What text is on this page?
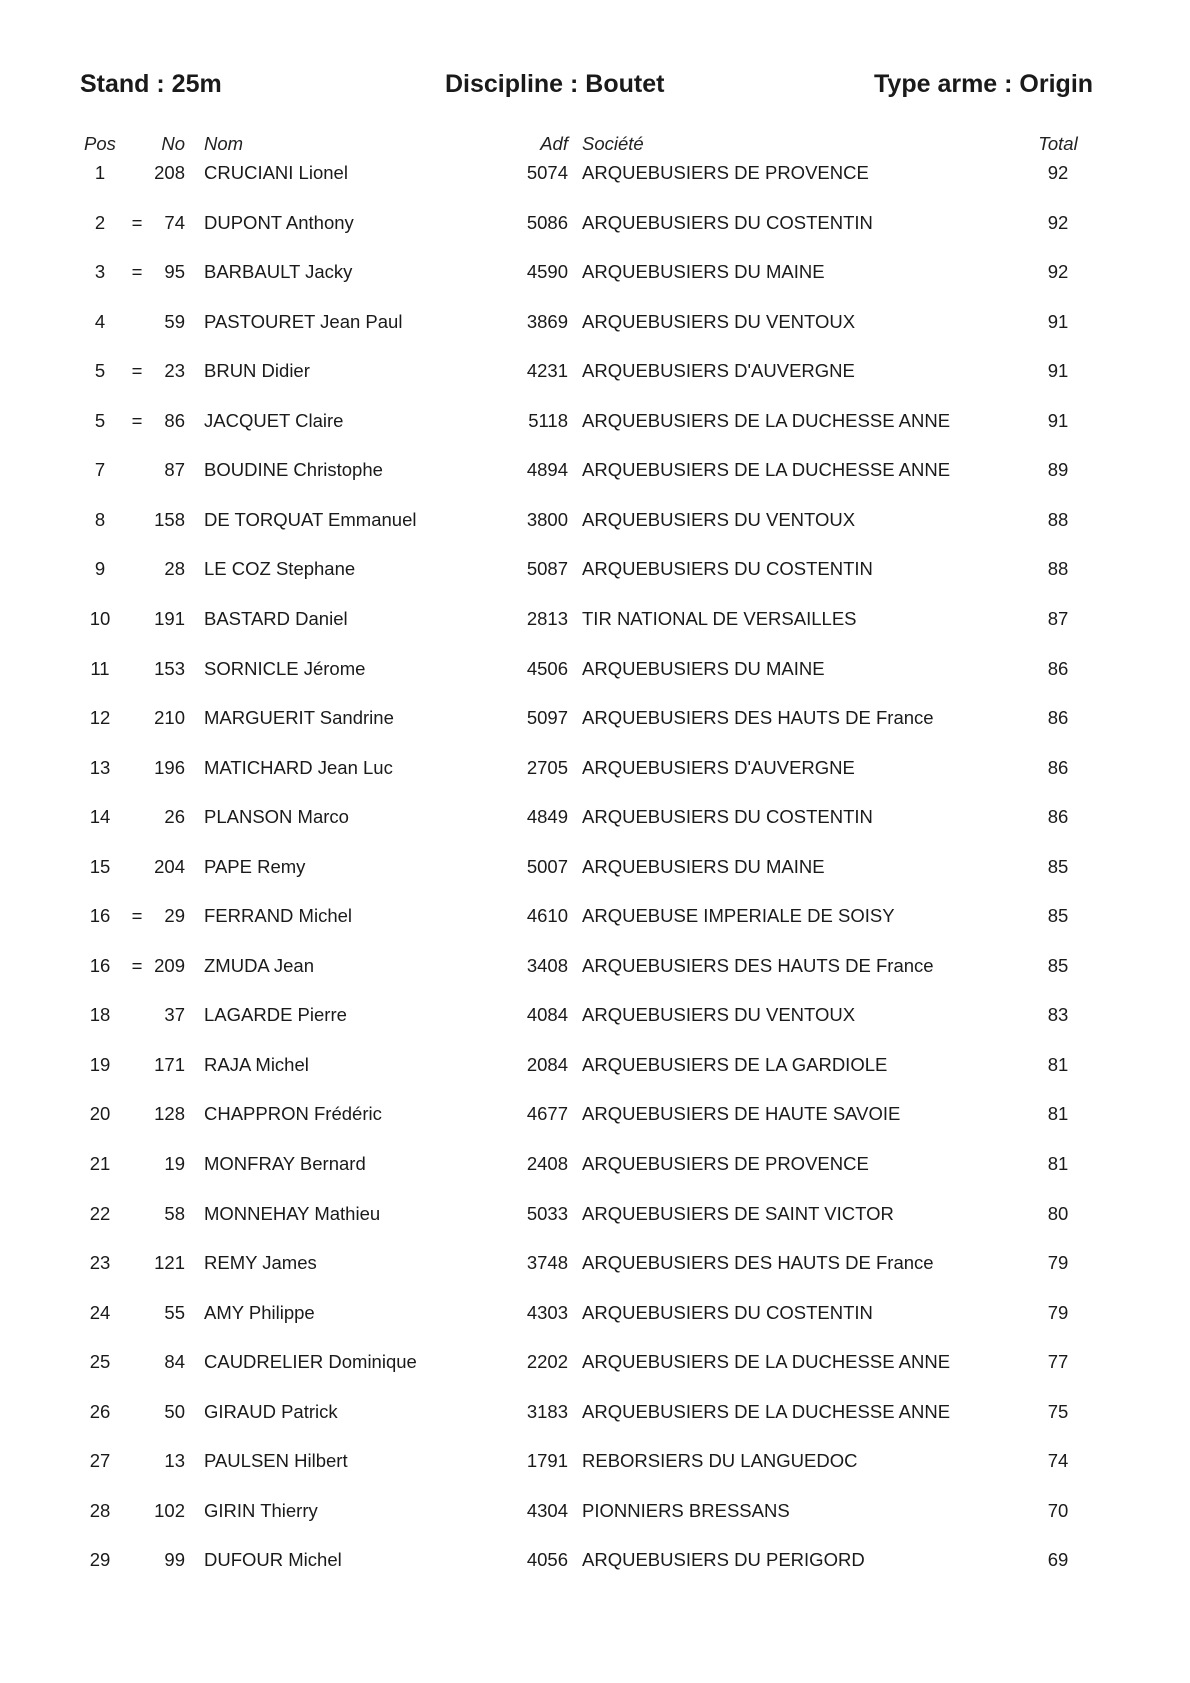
Stand : 25m	Discipline : Boutet	Type arme : Origin
Pos	No Nom	Adf Société	Total
1	208 CRUCIANI Lionel	5074 ARQUEBUSIERS DE PROVENCE	92
2	=	74 DUPONT Anthony	5086 ARQUEBUSIERS DU COSTENTIN	92
3	=	95 BARBAULT Jacky	4590 ARQUEBUSIERS DU MAINE	92
4	59 PASTOURET Jean Paul	3869 ARQUEBUSIERS DU VENTOUX	91
5	=	23 BRUN Didier	4231 ARQUEBUSIERS D'AUVERGNE	91
5	=	86 JACQUET Claire	5118 ARQUEBUSIERS DE LA DUCHESSE ANNE	91
7	87 BOUDINE Christophe	4894 ARQUEBUSIERS DE LA DUCHESSE ANNE	89
8	158 DE TORQUAT Emmanuel	3800 ARQUEBUSIERS DU VENTOUX	88
9	28 LE COZ Stephane	5087 ARQUEBUSIERS DU COSTENTIN	88
10	191 BASTARD Daniel	2813 TIR NATIONAL DE VERSAILLES	87
11	153 SORNICLE Jérome	4506 ARQUEBUSIERS DU MAINE	86
12	210 MARGUERIT Sandrine	5097 ARQUEBUSIERS DES HAUTS DE France	86
13	196 MATICHARD Jean Luc	2705 ARQUEBUSIERS D'AUVERGNE	86
14	26 PLANSON Marco	4849 ARQUEBUSIERS DU COSTENTIN	86
15	204 PAPE Remy	5007 ARQUEBUSIERS DU MAINE	85
16	=	29 FERRAND Michel	4610 ARQUEBUSE IMPERIALE DE SOISY	85
16	= 209 ZMUDA Jean	3408 ARQUEBUSIERS DES HAUTS DE France	85
18	37 LAGARDE Pierre	4084 ARQUEBUSIERS DU VENTOUX	83
19	171 RAJA Michel	2084 ARQUEBUSIERS DE LA GARDIOLE	81
20	128 CHAPPRON Frédéric	4677 ARQUEBUSIERS DE HAUTE SAVOIE	81
21	19 MONFRAY Bernard	2408 ARQUEBUSIERS DE PROVENCE	81
22	58 MONNEHAY Mathieu	5033 ARQUEBUSIERS DE SAINT VICTOR	80
23	121 REMY James	3748 ARQUEBUSIERS DES HAUTS DE France	79
24	55 AMY Philippe	4303 ARQUEBUSIERS DU COSTENTIN	79
25	84 CAUDRELIER Dominique	2202 ARQUEBUSIERS DE LA DUCHESSE ANNE	77
26	50 GIRAUD Patrick	3183 ARQUEBUSIERS DE LA DUCHESSE ANNE	75
27	13 PAULSEN Hilbert	1791 REBORSIERS DU LANGUEDOC	74
28	102 GIRIN Thierry	4304 PIONNIERS BRESSANS	70
29	99 DUFOUR Michel	4056 ARQUEBUSIERS DU PERIGORD	69
